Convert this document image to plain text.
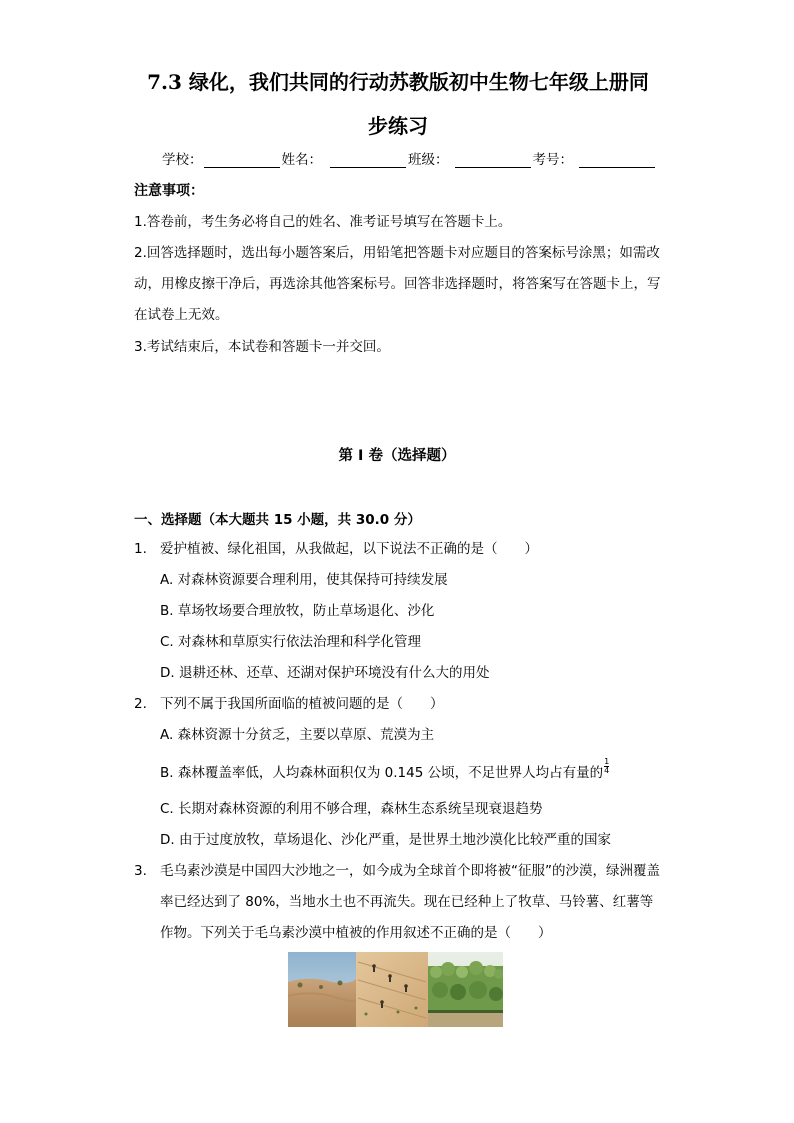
7.3 绿化，我们共同的行动苏教版初中生物七年级上册同
步练习
学校：	姓名：	班级：	考号：
注意事项：

1.答卷前，考生务必将自己的姓名、准考证号填写在答题卡上。

2.回答选择题时，选出每小题答案后，用铅笔把答题卡对应题目的答案标号涂黑；如需改动，用橡皮擦干净后，再选涂其他答案标号。回答非选择题时，将答案写在答题卡上，写在试卷上无效。

3.考试结束后，本试卷和答题卡一并交回。

第 I 卷（选择题）
一、选择题（本大题共 15 小题，共 30.0 分）
1. 爱护植被、绿化祖国，从我做起，以下说法不正确的是（　　）
A. 对森林资源要合理利用，使其保持可持续发展
B. 草场牧场要合理放牧，防止草场退化、沙化
C. 对森林和草原实行依法治理和科学化管理
D. 退耕还林、还草、还湖对保护环境没有什么大的用处
2. 下列不属于我国所面临的植被问题的是（　　）
A. 森林资源十分贫乏，主要以草原、荒漠为主
B. 森林覆盖率低，人均森林面积仅为 0.145 公顷，不足世界人均占有量的 $\frac{1}{4}$
C. 长期对森林资源的利用不够合理，森林生态系统呈现衰退趋势
D. 由于过度放牧，草场退化、沙化严重，是世界土地沙漠化比较严重的国家
3. 毛乌素沙漠是中国四大沙地之一，如今成为全球首个即将被“征服”的沙漠，绿洲覆盖率已经达到了 80%，当地水土也不再流失。现在已经种上了牧草、马铃薯、红薯等作物。下列关于毛乌素沙漠中植被的作用叙述不正确的是（　　）
